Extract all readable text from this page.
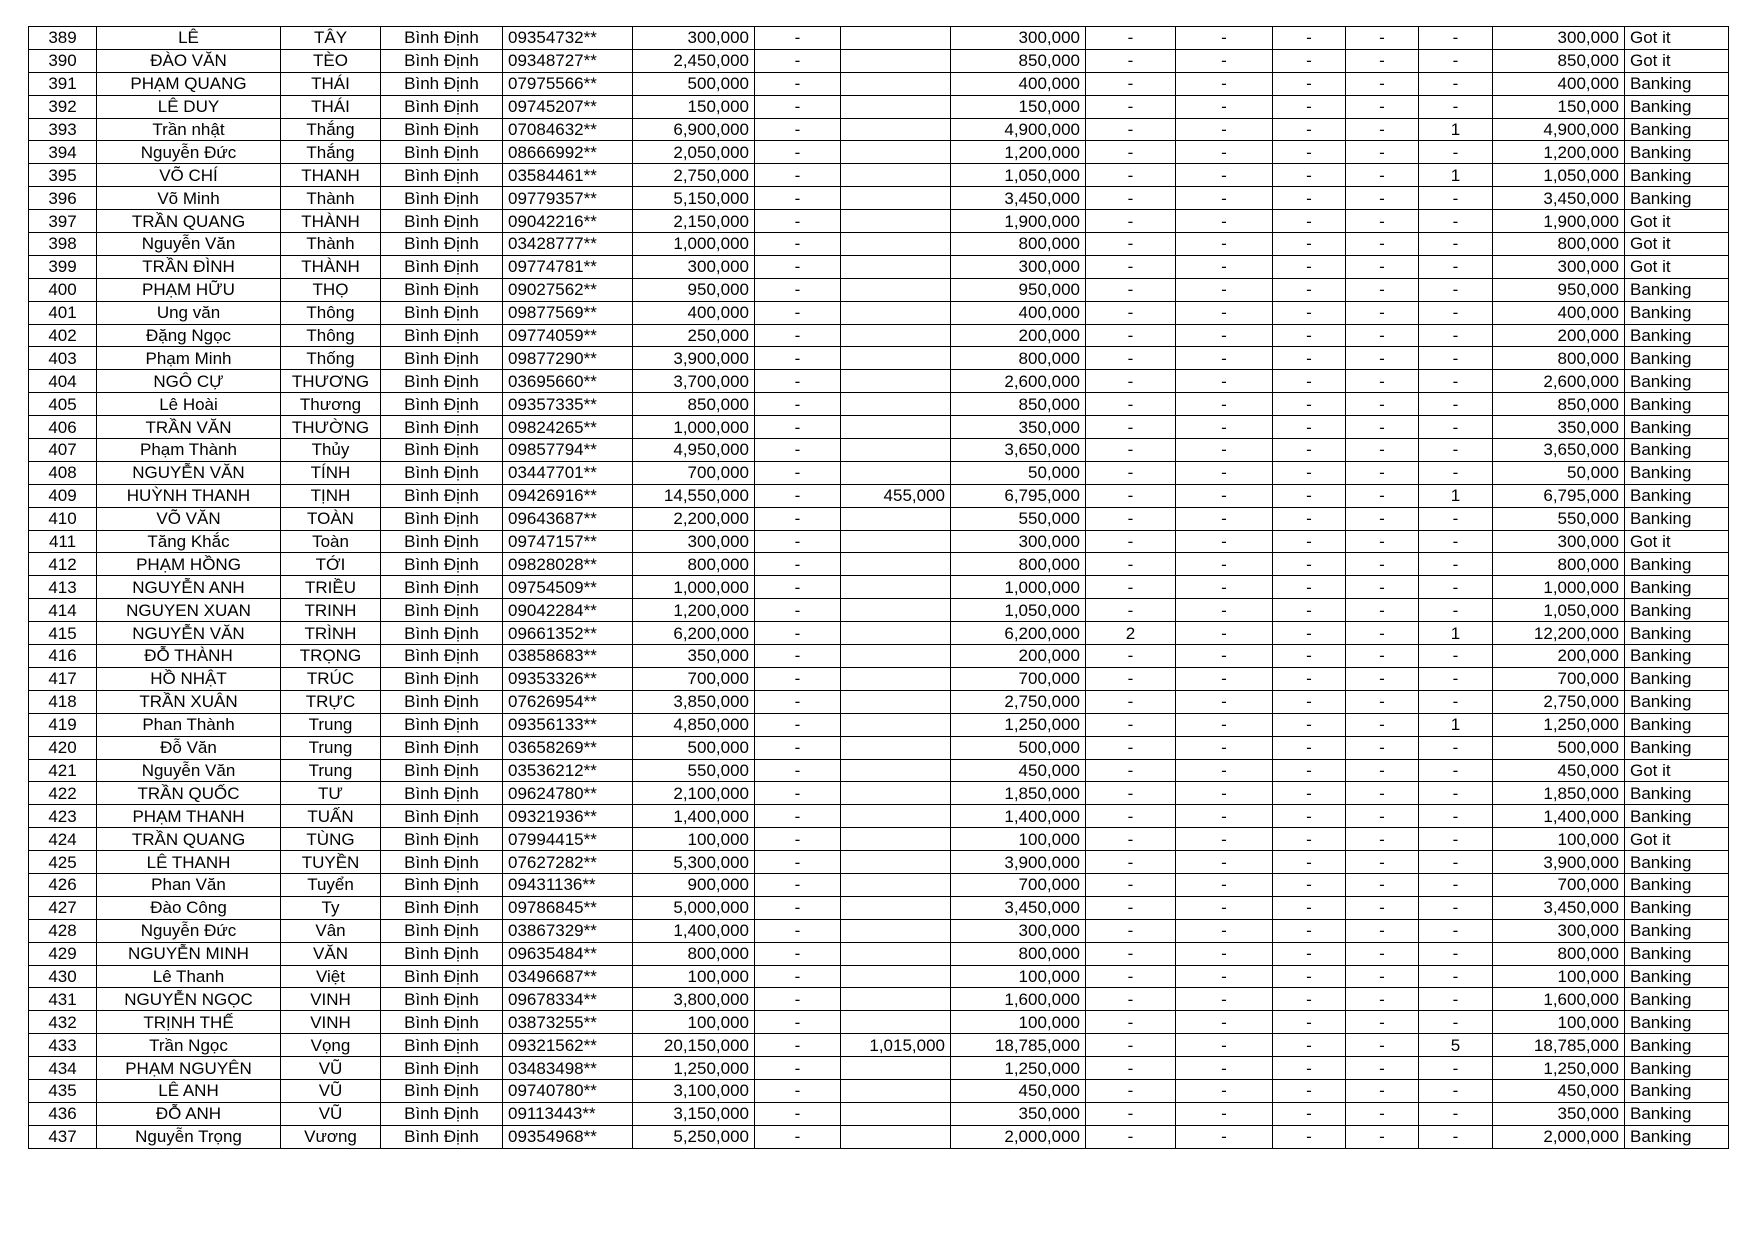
389	LÊ	TÂY	Bình Định	09354732**	300,000	-		300,000	-	-	-	-	-	300,000	Got it
390	ĐÀO VĂN	TÈO	Bình Định	09348727**	2,450,000	-		850,000	-	-	-	-	-	850,000	Got it
391	PHẠM QUANG	THÁI	Bình Định	07975566**	500,000	-		400,000	-	-	-	-	-	400,000	Banking
392	LÊ DUY	THÁI	Bình Định	09745207**	150,000	-		150,000	-	-	-	-	-	150,000	Banking
393	Trần nhật	Thắng	Bình Định	07084632**	6,900,000	-		4,900,000	-	-	-	-	1	4,900,000	Banking
394	Nguyễn Đức	Thắng	Bình Định	08666992**	2,050,000	-		1,200,000	-	-	-	-	-	1,200,000	Banking
395	VÕ CHÍ	THANH	Bình Định	03584461**	2,750,000	-		1,050,000	-	-	-	-	1	1,050,000	Banking
396	Võ Minh	Thành	Bình Định	09779357**	5,150,000	-		3,450,000	-	-	-	-	-	3,450,000	Banking
397	TRẦN QUANG	THÀNH	Bình Định	09042216**	2,150,000	-		1,900,000	-	-	-	-	-	1,900,000	Got it
398	Nguyễn Văn	Thành	Bình Định	03428777**	1,000,000	-		800,000	-	-	-	-	-	800,000	Got it
399	TRẦN ĐÌNH	THÀNH	Bình Định	09774781**	300,000	-		300,000	-	-	-	-	-	300,000	Got it
400	PHẠM HỮU	THỌ	Bình Định	09027562**	950,000	-		950,000	-	-	-	-	-	950,000	Banking
401	Ung văn	Thông	Bình Định	09877569**	400,000	-		400,000	-	-	-	-	-	400,000	Banking
402	Đặng Ngọc	Thông	Bình Định	09774059**	250,000	-		200,000	-	-	-	-	-	200,000	Banking
403	Phạm Minh	Thống	Bình Định	09877290**	3,900,000	-		800,000	-	-	-	-	-	800,000	Banking
404	NGÔ CỰ	THƯƠNG	Bình Định	03695660**	3,700,000	-		2,600,000	-	-	-	-	-	2,600,000	Banking
405	Lê Hoài	Thương	Bình Định	09357335**	850,000	-		850,000	-	-	-	-	-	850,000	Banking
406	TRẦN VĂN	THƯỜNG	Bình Định	09824265**	1,000,000	-		350,000	-	-	-	-	-	350,000	Banking
407	Phạm Thành	Thủy	Bình Định	09857794**	4,950,000	-		3,650,000	-	-	-	-	-	3,650,000	Banking
408	NGUYỄN VĂN	TÍNH	Bình Định	03447701**	700,000	-		50,000	-	-	-	-	-	50,000	Banking
409	HUỲNH THANH	TỊNH	Bình Định	09426916**	14,550,000	-	455,000	6,795,000	-	-	-	-	1	6,795,000	Banking
410	VÕ VĂN	TOÀN	Bình Định	09643687**	2,200,000	-		550,000	-	-	-	-	-	550,000	Banking
411	Tăng Khắc	Toàn	Bình Định	09747157**	300,000	-		300,000	-	-	-	-	-	300,000	Got it
412	PHẠM HỒNG	TỚI	Bình Định	09828028**	800,000	-		800,000	-	-	-	-	-	800,000	Banking
413	NGUYỄN ANH	TRIỀU	Bình Định	09754509**	1,000,000	-		1,000,000	-	-	-	-	-	1,000,000	Banking
414	NGUYEN XUAN	TRINH	Bình Định	09042284**	1,200,000	-		1,050,000	-	-	-	-	-	1,050,000	Banking
415	NGUYỄN VĂN	TRÌNH	Bình Định	09661352**	6,200,000	-		6,200,000	2	-	-	-	1	12,200,000	Banking
416	ĐỖ THÀNH	TRỌNG	Bình Định	03858683**	350,000	-		200,000	-	-	-	-	-	200,000	Banking
417	HỒ NHẬT	TRÚC	Bình Định	09353326**	700,000	-		700,000	-	-	-	-	-	700,000	Banking
418	TRẦN XUÂN	TRỰC	Bình Định	07626954**	3,850,000	-		2,750,000	-	-	-	-	-	2,750,000	Banking
419	Phan Thành	Trung	Bình Định	09356133**	4,850,000	-		1,250,000	-	-	-	-	1	1,250,000	Banking
420	Đỗ Văn	Trung	Bình Định	03658269**	500,000	-		500,000	-	-	-	-	-	500,000	Banking
421	Nguyễn Văn	Trung	Bình Định	03536212**	550,000	-		450,000	-	-	-	-	-	450,000	Got it
422	TRẦN QUỐC	TƯ	Bình Định	09624780**	2,100,000	-		1,850,000	-	-	-	-	-	1,850,000	Banking
423	PHẠM THANH	TUẤN	Bình Định	09321936**	1,400,000	-		1,400,000	-	-	-	-	-	1,400,000	Banking
424	TRẦN QUANG	TÙNG	Bình Định	07994415**	100,000	-		100,000	-	-	-	-	-	100,000	Got it
425	LÊ THANH	TUYỀN	Bình Định	07627282**	5,300,000	-		3,900,000	-	-	-	-	-	3,900,000	Banking
426	Phan Văn	Tuyển	Bình Định	09431136**	900,000	-		700,000	-	-	-	-	-	700,000	Banking
427	Đào Công	Ty	Bình Định	09786845**	5,000,000	-		3,450,000	-	-	-	-	-	3,450,000	Banking
428	Nguyễn Đức	Vân	Bình Định	03867329**	1,400,000	-		300,000	-	-	-	-	-	300,000	Banking
429	NGUYỄN MINH	VĂN	Bình Định	09635484**	800,000	-		800,000	-	-	-	-	-	800,000	Banking
430	Lê Thanh	Việt	Bình Định	03496687**	100,000	-		100,000	-	-	-	-	-	100,000	Banking
431	NGUYỄN NGỌC	VINH	Bình Định	09678334**	3,800,000	-		1,600,000	-	-	-	-	-	1,600,000	Banking
432	TRỊNH THẾ	VINH	Bình Định	03873255**	100,000	-		100,000	-	-	-	-	-	100,000	Banking
433	Trần Ngọc	Vọng	Bình Định	09321562**	20,150,000	-	1,015,000	18,785,000	-	-	-	-	5	18,785,000	Banking
434	PHẠM NGUYÊN	VŨ	Bình Định	03483498**	1,250,000	-		1,250,000	-	-	-	-	-	1,250,000	Banking
435	LÊ ANH	VŨ	Bình Định	09740780**	3,100,000	-		450,000	-	-	-	-	-	450,000	Banking
436	ĐỖ ANH	VŨ	Bình Định	09113443**	3,150,000	-		350,000	-	-	-	-	-	350,000	Banking
437	Nguyễn Trọng	Vương	Bình Định	09354968**	5,250,000	-		2,000,000	-	-	-	-	-	2,000,000	Banking
